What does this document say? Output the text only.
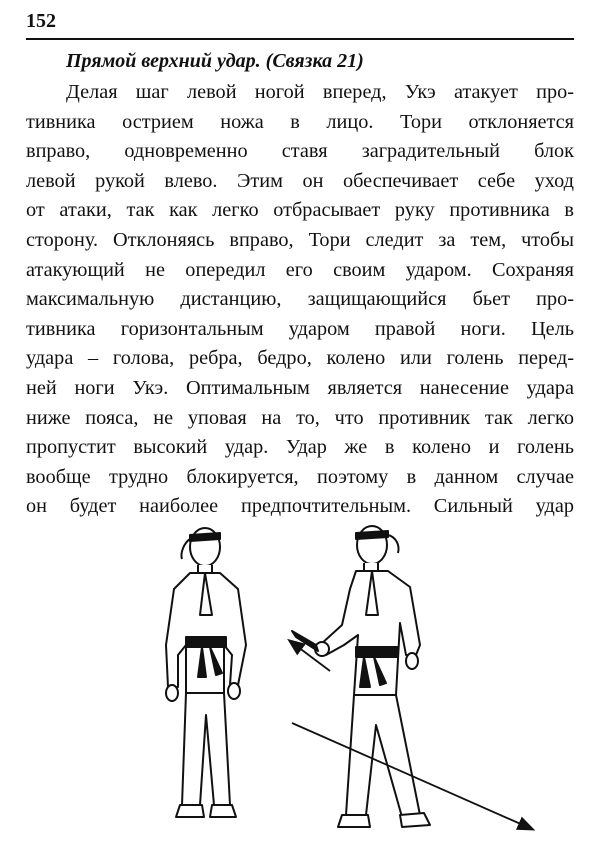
152
Прямой верхний удар. (Связка 21)
Делая шаг левой ногой вперед, Укэ атакует про-
тивника острием ножа в лицо. Тори отклоняется
вправо, одновременно ставя заградительный блок
левой рукой влево. Этим он обеспечивает себе уход
от атаки, так как легко отбрасывает руку противника в
сторону. Отклоняясь вправо, Тори следит за тем, чтобы
атакующий не опередил его своим ударом. Сохраняя
максимальную дистанцию, защищающийся бьет про-
тивника горизонтальным ударом правой ноги. Цель
удара – голова, ребра, бедро, колено или голень перед-
ней ноги Укэ. Оптимальным является нанесение удара
ниже пояса, не уповая на то, что противник так легко
пропустит высокий удар. Удар же в колено и голень
вообще трудно блокируется, поэтому в данном случае
он будет наиболее предпочтительным. Сильный удар
